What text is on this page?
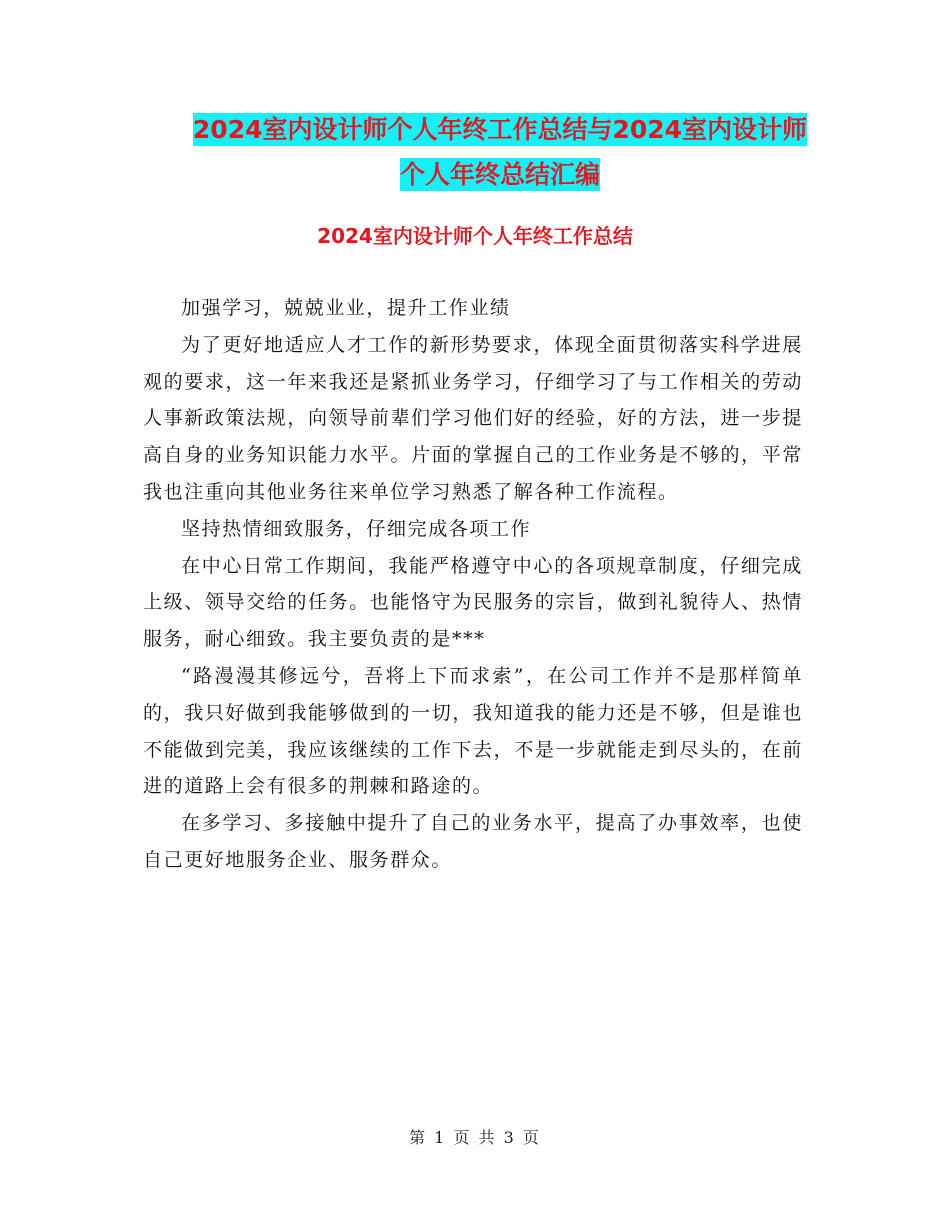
2024室内设计师个人年终工作总结与2024室内设计师
个人年终总结汇编
2024室内设计师个人年终工作总结

加强学习，兢兢业业，提升工作业绩

为了更好地适应人才工作的新形势要求，体现全面贯彻落实科学进展观的要求，这一年来我还是紧抓业务学习，仔细学习了与工作相关的劳动人事新政策法规，向领导前辈们学习他们好的经验，好的方法，进一步提高自身的业务知识能力水平。片面的掌握自己的工作业务是不够的，平常我也注重向其他业务往来单位学习熟悉了解各种工作流程。

坚持热情细致服务，仔细完成各项工作

在中心日常工作期间，我能严格遵守中心的各项规章制度，仔细完成上级、领导交给的任务。也能恪守为民服务的宗旨，做到礼貌待人、热情服务，耐心细致。我主要负责的是***

“路漫漫其修远兮，吾将上下而求索”，在公司工作并不是那样简单的，我只好做到我能够做到的一切，我知道我的能力还是不够，但是谁也不能做到完美，我应该继续的工作下去，不是一步就能走到尽头的，在前进的道路上会有很多的荆棘和路途的。

在多学习、多接触中提升了自己的业务水平，提高了办事效率，也使自己更好地服务企业、服务群众。

第 1 页 共 3 页
